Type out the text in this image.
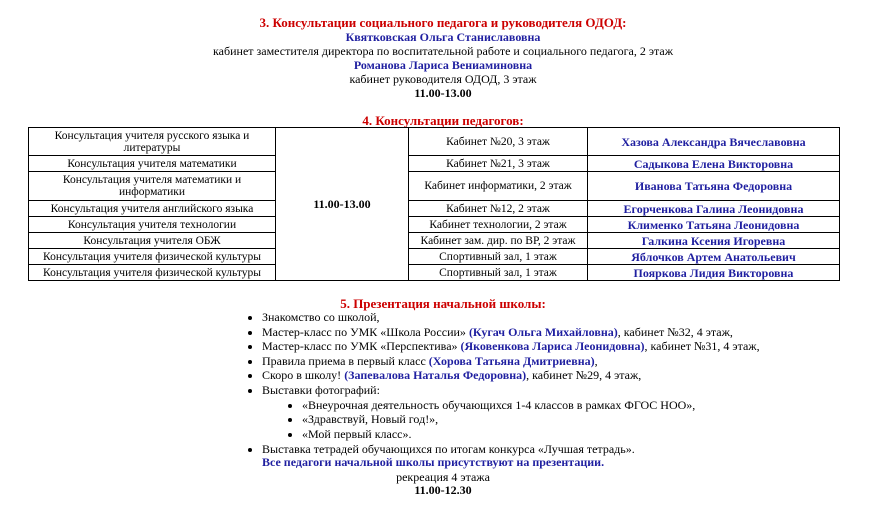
3. Консультации социального педагога и руководителя ОДОД:
Квятковская Ольга Станиславовна
кабинет заместителя директора по воспитательной работе и социального педагога, 2 этаж
Романова Лариса Вениаминовна
кабинет руководителя ОДОД, 3 этаж
11.00-13.00
4. Консультации педагогов:
Консультация учителя русского языка и литературы	11.00-13.00	Кабинет №20, 3 этаж	Хазова Александра Вячеславовна
Консультация учителя математики		Кабинет №21, 3 этаж	Садыкова Елена Викторовна
Консультация учителя математики и информатики		Кабинет информатики, 2 этаж	Иванова Татьяна Федоровна
Консультация учителя английского языка		Кабинет №12, 2 этаж	Егорченкова Галина Леонидовна
Консультация учителя технологии		Кабинет технологии, 2 этаж	Клименко Татьяна Леонидовна
Консультация учителя ОБЖ		Кабинет зам. дир. по ВР, 2 этаж	Галкина Ксения Игоревна
Консультация учителя физической культуры		Спортивный зал, 1 этаж	Яблочков Артем Анатольевич
Консультация учителя физической культуры		Спортивный зал, 1 этаж	Пояркова Лидия Викторовна
5. Презентация начальной школы:
• Знакомство со школой,
• Мастер-класс по УМК «Школа России» (Кугач Ольга Михайловна), кабинет №32, 4 этаж,
• Мастер-класс по УМК «Перспектива» (Яковенкова Лариса Леонидовна), кабинет №31, 4 этаж,
• Правила приема в первый класс (Хорова Татьяна Дмитриевна),
• Скоро в школу! (Запевалова Наталья Федоровна), кабинет №29, 4 этаж,
• Выставки фотографий:
• «Внеурочная деятельность обучающихся 1-4 классов в рамках ФГОС НОО»,
• «Здравствуй, Новый год!»,
• «Мой первый класс».
• Выставка тетрадей обучающихся по итогам конкурса «Лучшая тетрадь».
Все педагоги начальной школы присутствуют на презентации.
рекреация 4 этажа
11.00-12.30
